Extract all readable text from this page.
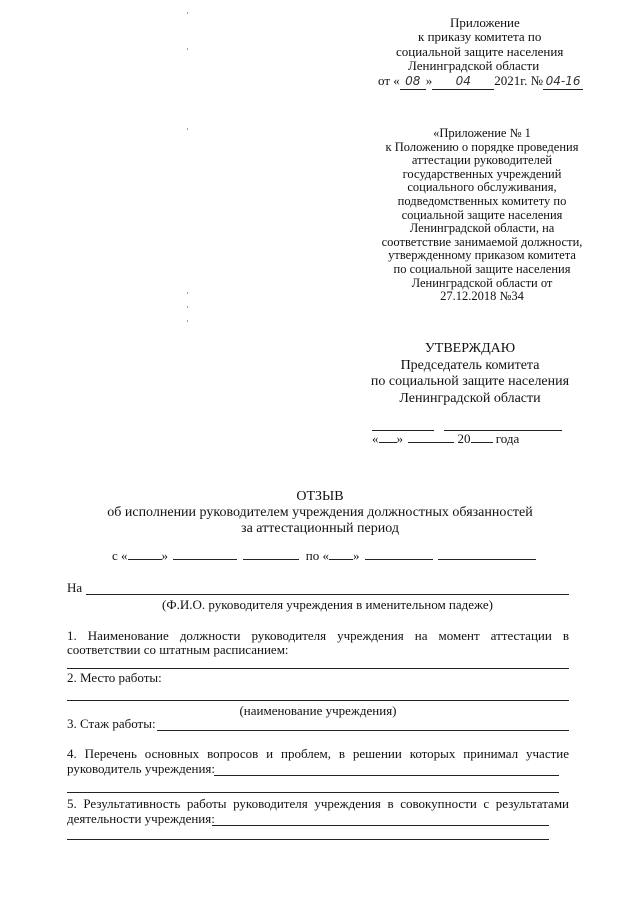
Приложение
к приказу комитета по
социальной защите населения
Ленинградской области
от « 08 » 04 2021г. № 04-16
«Приложение № 1
к Положению о порядке проведения
аттестации руководителей
государственных учреждений
социального обслуживания,
подведомственных комитету по
социальной защите населения
Ленинградской области, на
соответствие занимаемой должности,
утвержденному приказом комитета
по социальной защите населения
Ленинградской области от
27.12.2018 №34
УТВЕРЖДАЮ
Председатель комитета
по социальной защите населения
Ленинградской области
« »	20 года
ОТЗЫВ
об исполнении руководителем учреждения должностных обязанностей
за аттестационный период
с «	»	по « »
На
(Ф.И.О. руководителя учреждения в именительном падеже)
1. Наименование должности руководителя учреждения на момент аттестации в
соответствии со штатным расписанием:
2. Место работы:
(наименование учреждения)
3. Стаж работы:
4. Перечень основных вопросов и проблем, в решении которых принимал участие
руководитель учреждения:
5. Результативность работы руководителя учреждения в совокупности с результатами
деятельности учреждения:
